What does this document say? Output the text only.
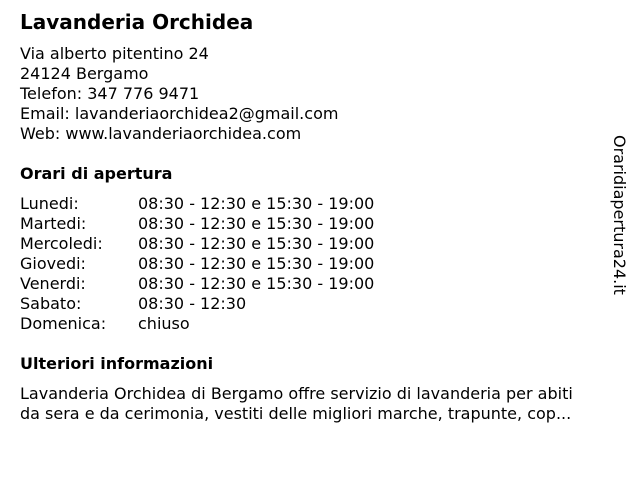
Lavanderia Orchidea
Via alberto pitentino 24
24124 Bergamo
Telefon: 347 776 9471
Email: lavanderiaorchidea2@gmail.com
Web: www.lavanderiaorchidea.com
Orari di apertura
Lunedi:	08:30 - 12:30 e 15:30 - 19:00
Martedi:	08:30 - 12:30 e 15:30 - 19:00
Mercoledi: 08:30 - 12:30 e 15:30 - 19:00
Giovedi:	08:30 - 12:30 e 15:30 - 19:00
Venerdi:	08:30 - 12:30 e 15:30 - 19:00
Sabato:	08:30 - 12:30
Domenica: chiuso
Ulteriori informazioni
Lavanderia Orchidea di Bergamo offre servizio di lavanderia per abiti
da sera e da cerimonia, vestiti delle migliori marche, trapunte, cop...
Oraridiapertura24.it
